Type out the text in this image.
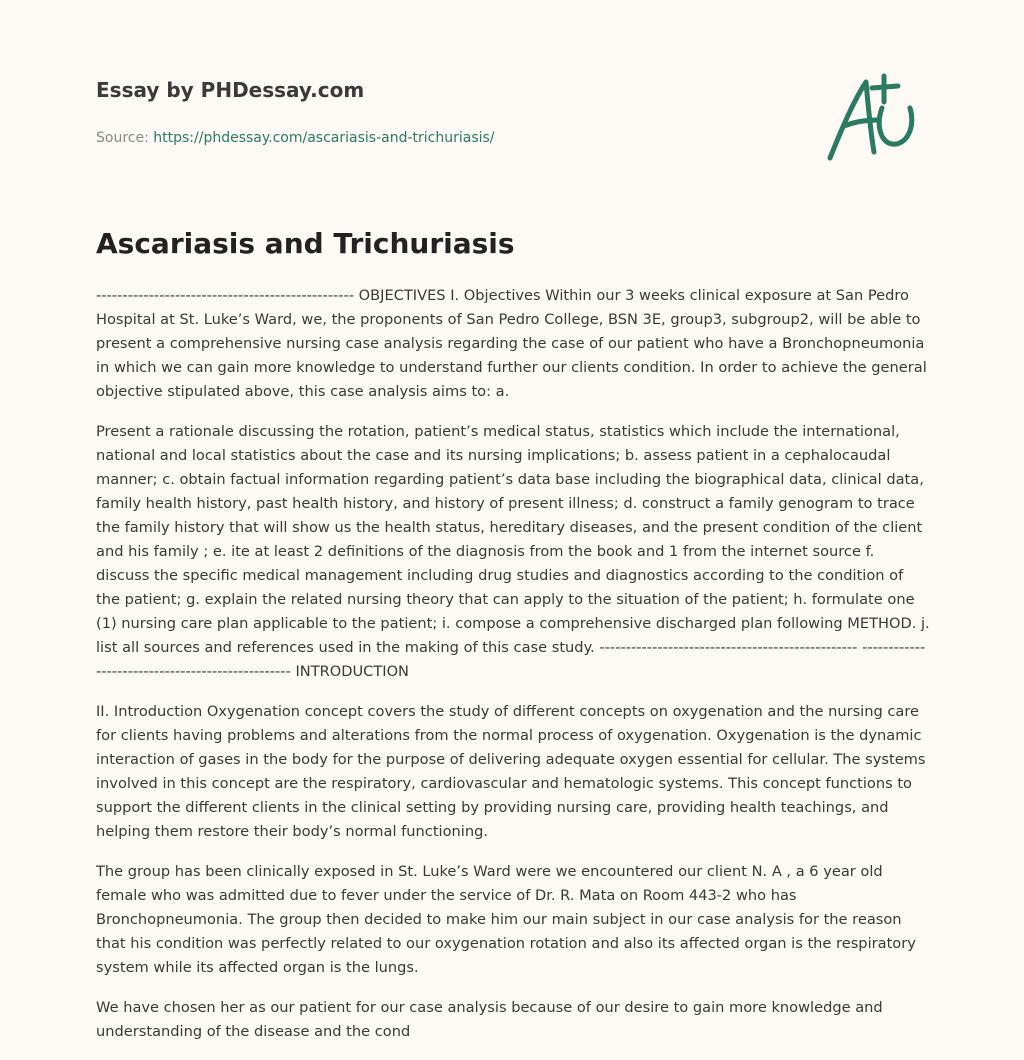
Essay by PHDessay.com
Source: https://phdessay.com/ascariasis-and-trichuriasis/
Ascariasis and Trichuriasis

------------------------------------------------- OBJECTIVES I. Objectives Within our 3 weeks clinical exposure at San Pedro Hospital at St. Luke’s Ward, we, the proponents of San Pedro College, BSN 3E, group3, subgroup2, will be able to present a comprehensive nursing case analysis regarding the case of our patient who have a Bronchopneumonia in which we can gain more knowledge to understand further our clients condition. In order to achieve the general objective stipulated above, this case analysis aims to: a.

Present a rationale discussing the rotation, patient’s medical status, statistics which include the international, national and local statistics about the case and its nursing implications; b. assess patient in a cephalocaudal manner; c. obtain factual information regarding patient’s data base including the biographical data, clinical data, family health history, past health history, and history of present illness; d. construct a family genogram to trace the family history that will show us the health status, hereditary diseases, and the present condition of the client and his family ; e. ite at least 2 definitions of the diagnosis from the book and 1 from the internet source f. discuss the specific medical management including drug studies and diagnostics according to the condition of the patient; g. explain the related nursing theory that can apply to the situation of the patient; h. formulate one (1) nursing care plan applicable to the patient; i. compose a comprehensive discharged plan following METHOD. j. list all sources and references used in the making of this case study. ------------------------------------------------- ------------------------------------------------- INTRODUCTION

II. Introduction Oxygenation concept covers the study of different concepts on oxygenation and the nursing care for clients having problems and alterations from the normal process of oxygenation. Oxygenation is the dynamic interaction of gases in the body for the purpose of delivering adequate oxygen essential for cellular. The systems involved in this concept are the respiratory, cardiovascular and hematologic systems. This concept functions to support the different clients in the clinical setting by providing nursing care, providing health teachings, and helping them restore their body’s normal functioning.

The group has been clinically exposed in St. Luke’s Ward were we encountered our client N. A , a 6 year old female who was admitted due to fever under the service of Dr. R. Mata on Room 443-2 who has Bronchopneumonia. The group then decided to make him our main subject in our case analysis for the reason that his condition was perfectly related to our oxygenation rotation and also its affected organ is the respiratory system while its affected organ is the lungs.

We have chosen her as our patient for our case analysis because of our desire to gain more knowledge and understanding of the disease and the cond
